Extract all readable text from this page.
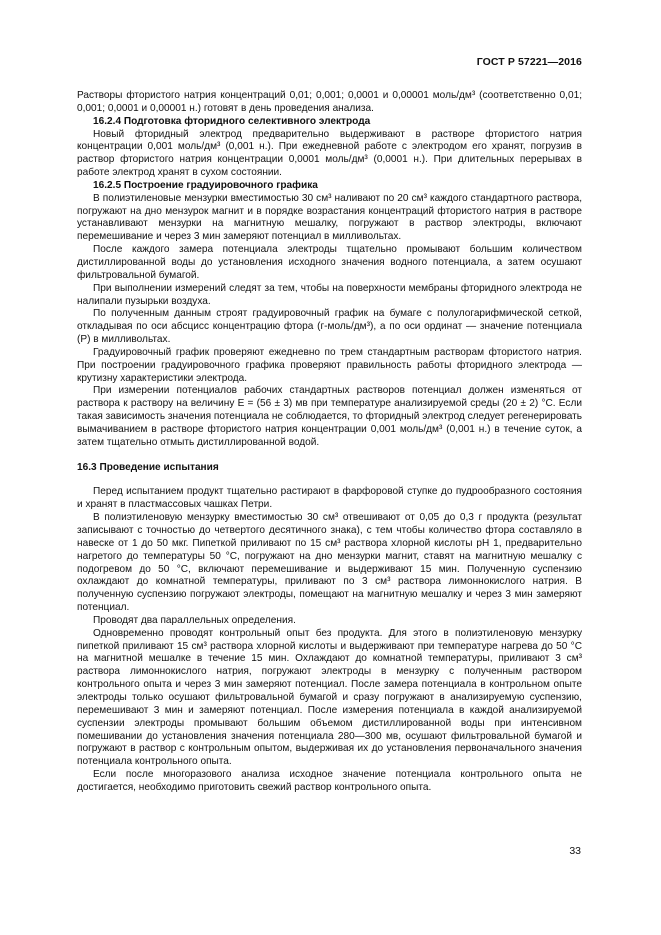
ГОСТ Р 57221—2016

Растворы фтористого натрия концентраций 0,01; 0,001; 0,0001 и 0,00001 моль/дм³ (соответственно 0,01; 0,001; 0,0001 и 0,00001 н.) готовят в день проведения анализа.

16.2.4 Подготовка фторидного селективного электрода

Новый фторидный электрод предварительно выдерживают в растворе фтористого натрия концентрации 0,001 моль/дм³ (0,001 н.). При ежедневной работе с электродом его хранят, погрузив в раствор фтористого натрия концентрации 0,0001 моль/дм³ (0,0001 н.). При длительных перерывах в работе электрод хранят в сухом состоянии.

16.2.5 Построение градуировочного графика

В полиэтиленовые мензурки вместимостью 30 см³ наливают по 20 см³ каждого стандартного раствора, погружают на дно мензурок магнит и в порядке возрастания концентраций фтористого натрия в растворе устанавливают мензурки на магнитную мешалку, погружают в раствор электроды, включают перемешивание и через 3 мин замеряют потенциал в милливольтах.

После каждого замера потенциала электроды тщательно промывают большим количеством дистиллированной воды до установления исходного значения водного потенциала, а затем осушают фильтровальной бумагой.

При выполнении измерений следят за тем, чтобы на поверхности мембраны фторидного электрода не налипали пузырьки воздуха.

По полученным данным строят градуировочный график на бумаге с полулогарифмической сеткой, откладывая по оси абсцисс концентрацию фтора (г-моль/дм³), а по оси ординат — значение потенциала (P) в милливольтах.

Градуировочный график проверяют ежедневно по трем стандартным растворам фтористого натрия. При построении градуировочного графика проверяют правильность работы фторидного электрода — крутизну характеристики электрода.

При измерении потенциалов рабочих стандартных растворов потенциал должен изменяться от раствора к раствору на величину E = (56 ± 3) мв при температуре анализируемой среды (20 ± 2) °С. Если такая зависимость значения потенциала не соблюдается, то фторидный электрод следует регенерировать вымачиванием в растворе фтористого натрия концентрации 0,001 моль/дм³ (0,001 н.) в течение суток, а затем тщательно отмыть дистиллированной водой.

16.3 Проведение испытания

Перед испытанием продукт тщательно растирают в фарфоровой ступке до пудрообразного состояния и хранят в пластмассовых чашках Петри.

В полиэтиленовую мензурку вместимостью 30 см³ отвешивают от 0,05 до 0,3 г продукта (результат записывают с точностью до четвертого десятичного знака), с тем чтобы количество фтора составляло в навеске от 1 до 50 мкг. Пипеткой приливают по 15 см³ раствора хлорной кислоты рН 1, предварительно нагретого до температуры 50 °С, погружают на дно мензурки магнит, ставят на магнитную мешалку с подогревом до 50 °С, включают перемешивание и выдерживают 15 мин. Полученную суспензию охлаждают до комнатной температуры, приливают по 3 см³ раствора лимоннокислого натрия. В полученную суспензию погружают электроды, помещают на магнитную мешалку и через 3 мин замеряют потенциал.

Проводят два параллельных определения.

Одновременно проводят контрольный опыт без продукта. Для этого в полиэтиленовую мензурку пипеткой приливают 15 см³ раствора хлорной кислоты и выдерживают при температуре нагрева до 50 °С на магнитной мешалке в течение 15 мин. Охлаждают до комнатной температуры, приливают 3 см³ раствора лимоннокислого натрия, погружают электроды в мензурку с полученным раствором контрольного опыта и через 3 мин замеряют потенциал. После замера потенциала в контрольном опыте электроды только осушают фильтровальной бумагой и сразу погружают в анализируемую суспензию, перемешивают 3 мин и замеряют потенциал. После измерения потенциала в каждой анализируемой суспензии электроды промывают большим объемом дистиллированной воды при интенсивном помешивании до установления значения потенциала 280—300 мв, осушают фильтровальной бумагой и погружают в раствор с контрольным опытом, выдерживая их до установления первоначального значения потенциала контрольного опыта.

Если после многоразового анализа исходное значение потенциала контрольного опыта не достигается, необходимо приготовить свежий раствор контрольного опыта.

33
